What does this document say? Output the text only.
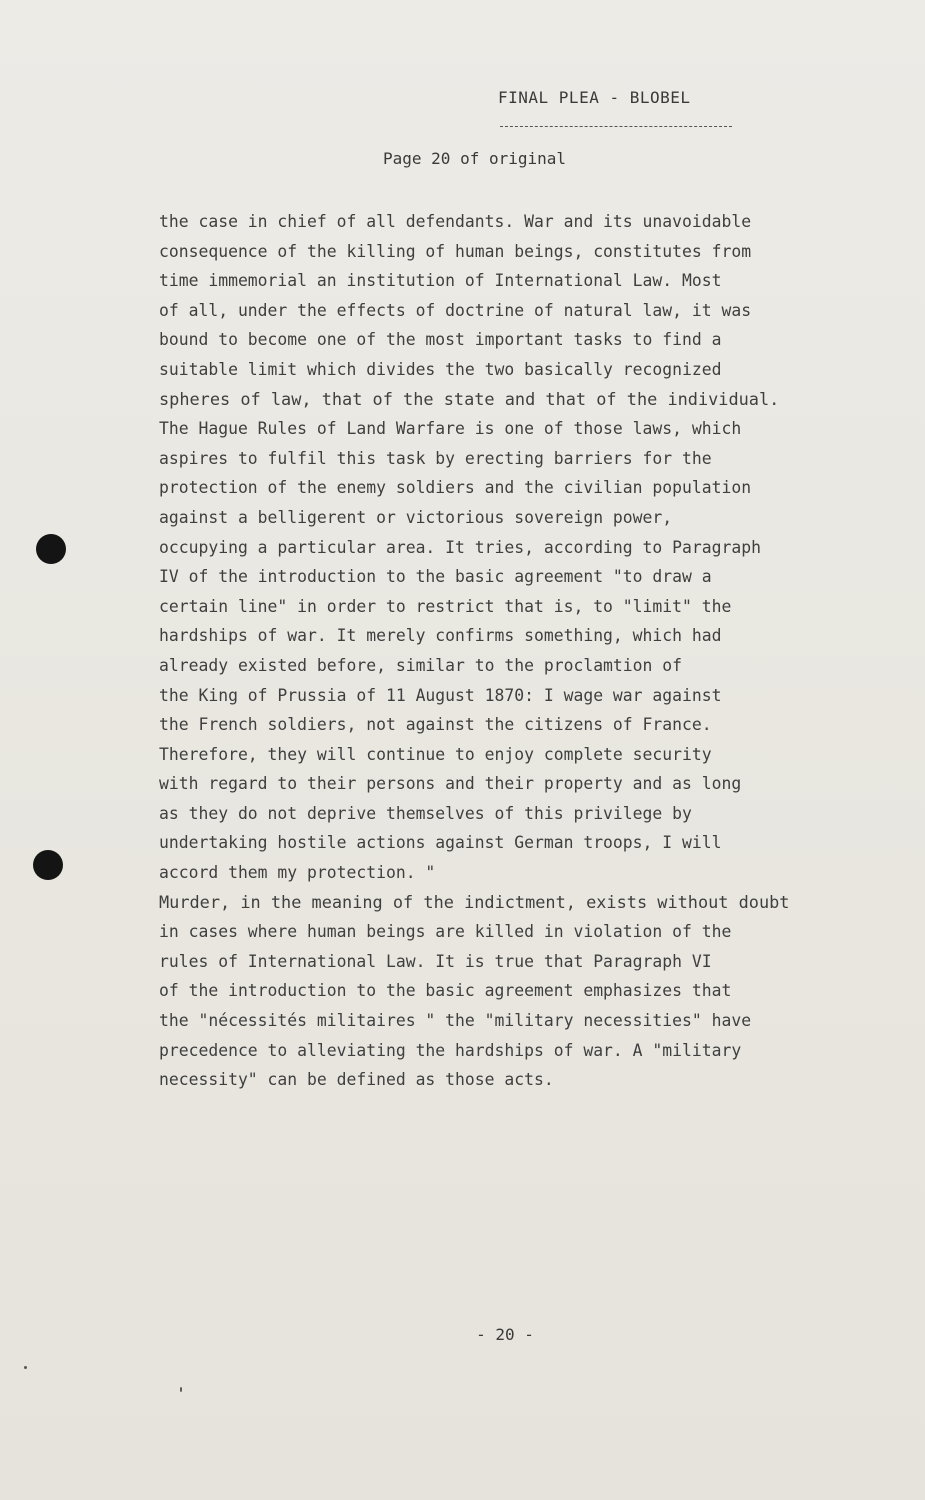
FINAL PLEA - BLOBEL
Page 20 of original
the case in chief of all defendants. War and its unavoidable
consequence of the killing of human beings, constitutes from
time immemorial an institution of International Law. Most
of all, under the effects of doctrine of natural law, it was
bound to become one of the most important tasks to find a
suitable limit which divides the two basically recognized
spheres of law, that of the state and that of the individual.
The Hague Rules of Land Warfare is one of those laws, which
aspires to fulfil this task by erecting barriers for the
protection of the enemy soldiers and the civilian population
against a belligerent or victorious sovereign power,
occupying a particular area. It tries, according to Paragraph
IV of the introduction to the basic agreement "to draw a
certain line" in order to restrict that is, to "limit" the
hardships of war. It merely confirms something, which had
already existed before, similar to the proclamtion of
the King of Prussia of 11 August 1870: I wage war against
the French soldiers, not against the citizens of France.
Therefore, they will continue to enjoy complete security
with regard to their persons and their property and as long
as they do not deprive themselves of this privilege by
undertaking hostile actions against German troops, I will
accord them my protection. "
Murder, in the meaning of the indictment, exists without doubt
in cases where human beings are killed in violation of the
rules of International Law. It is true that Paragraph VI
of the introduction to the basic agreement emphasizes that
the "nécessités militaires " the "military necessities" have
precedence to alleviating the hardships of war. A "military
necessity" can be defined as those acts.
- 20 -
